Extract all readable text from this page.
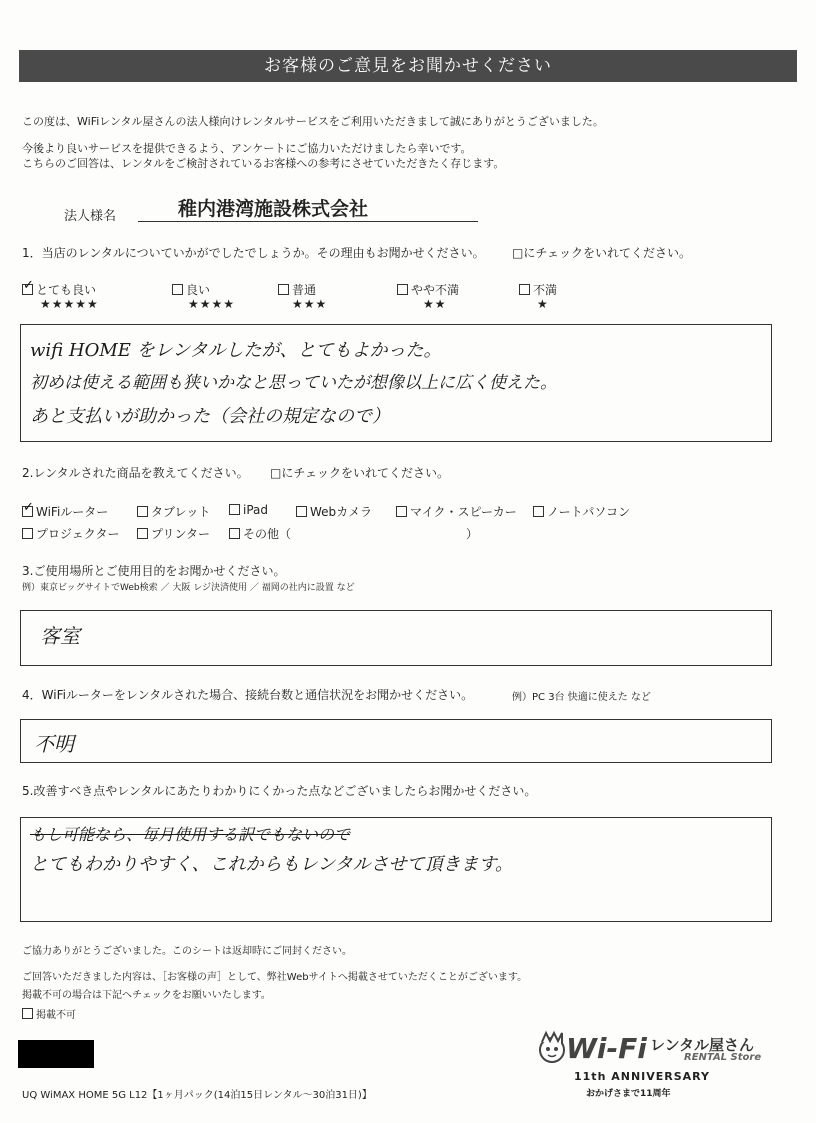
お客様のご意見をお聞かせください
この度は、WiFiレンタル屋さんの法人様向けレンタルサービスをご利用いただきまして誠にありがとうございました。
今後より良いサービスを提供できるよう、アンケートにご協力いただけましたら幸いです。
こちらのご回答は、レンタルをご検討されているお客様への参考にさせていただきたく存じます。
法人様名	稚内港湾施設株式会社
1．当店のレンタルについていかがでしたでしょうか。その理由もお聞かせください。 □にチェックをいれてください。
✓とても良い
★★★★★
良い
★★★★
普通
★★★
やや不満
★★
不満
★
wifi HOME をレンタルしたが、とてもよかった。
初めは使える範囲も狭いかなと思っていたが想像以上に広く使えた。
あと支払いが助かった（会社の規定なので）
2.レンタルされた商品を教えてください。 □にチェックをいれてください。
✓WiFiルーター	タブレット	iPad	Webカメラ	マイク・スピーカー	ノートパソコン
プロジェクター	プリンター	その他（	）
3.ご使用場所とご使用目的をお聞かせください。
例）東京ビッグサイトでWeb検索 ／ 大阪 レジ決済使用 ／ 福岡の社内に設置 など
客室
4．WiFiルーターをレンタルされた場合、接続台数と通信状況をお聞かせください。	例）PC 3台 快適に使えた など
不明
5.改善すべき点やレンタルにあたりわかりにくかった点などございましたらお聞かせください。
もし可能なら、毎月使用する訳でもないので
とてもわかりやすく、これからもレンタルさせて頂きます。
ご協力ありがとうございました。このシートは返却時にご同封ください。
ご回答いただきました内容は、［お客様の声］として、弊社Webサイトへ掲載させていただくことがございます。
掲載不可の場合は下記へチェックをお願いいたします。
掲載不可
UQ WiMAX HOME 5G L12【1ヶ月パック(14泊15日レンタル～30泊31日)】
Wi-Fi レンタル屋さん
RENTAL Store
11th ANNIVERSARY
おかげさまで11周年
